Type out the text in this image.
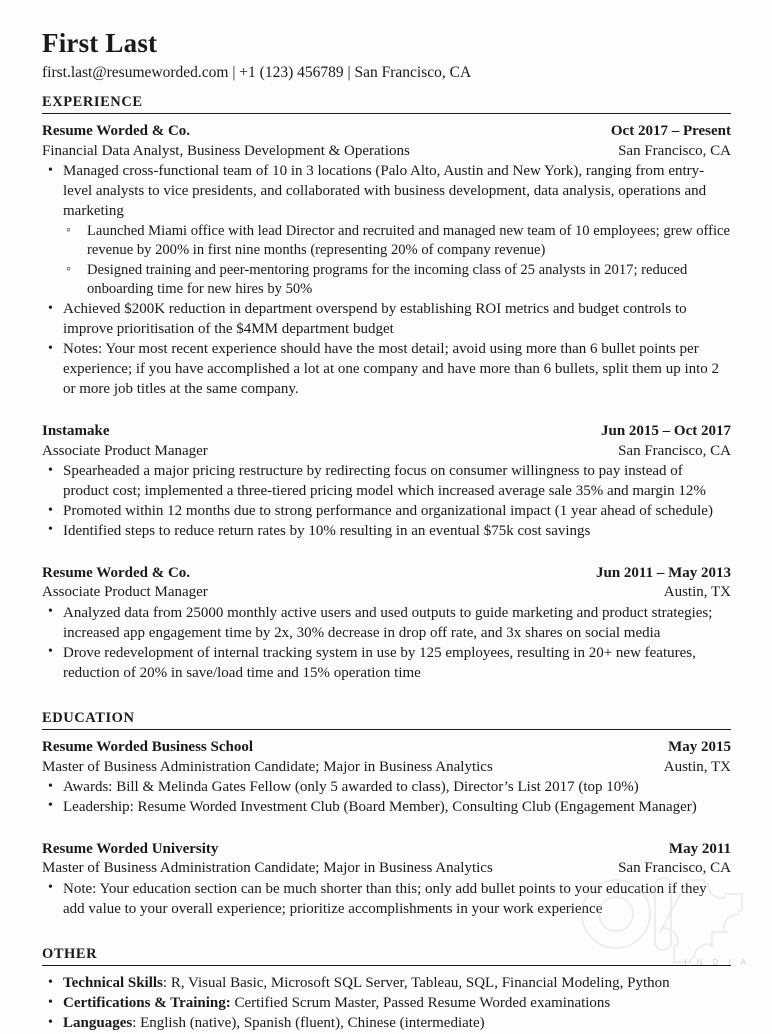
First Last
first.last@resumeworded.com | +1 (123) 456789 | San Francisco, CA
EXPERIENCE
Resume Worded & Co.	Oct 2017 – Present
Financial Data Analyst, Business Development & Operations	San Francisco, CA
• Managed cross-functional team of 10 in 3 locations (Palo Alto, Austin and New York), ranging from entry-level analysts to vice presidents, and collaborated with business development, data analysis, operations and marketing
◦ Launched Miami office with lead Director and recruited and managed new team of 10 employees; grew office revenue by 200% in first nine months (representing 20% of company revenue)
◦ Designed training and peer-mentoring programs for the incoming class of 25 analysts in 2017; reduced onboarding time for new hires by 50%
• Achieved $200K reduction in department overspend by establishing ROI metrics and budget controls to improve prioritisation of the $4MM department budget
• Notes: Your most recent experience should have the most detail; avoid using more than 6 bullet points per experience; if you have accomplished a lot at one company and have more than 6 bullets, split them up into 2 or more job titles at the same company.
Instamake	Jun 2015 – Oct 2017
Associate Product Manager	San Francisco, CA
• Spearheaded a major pricing restructure by redirecting focus on consumer willingness to pay instead of product cost; implemented a three-tiered pricing model which increased average sale 35% and margin 12%
• Promoted within 12 months due to strong performance and organizational impact (1 year ahead of schedule)
• Identified steps to reduce return rates by 10% resulting in an eventual $75k cost savings
Resume Worded & Co.	Jun 2011 – May 2013
Associate Product Manager	Austin, TX
• Analyzed data from 25000 monthly active users and used outputs to guide marketing and product strategies; increased app engagement time by 2x, 30% decrease in drop off rate, and 3x shares on social media
• Drove redevelopment of internal tracking system in use by 125 employees, resulting in 20+ new features, reduction of 20% in save/load time and 15% operation time
EDUCATION
Resume Worded Business School	May 2015
Master of Business Administration Candidate; Major in Business Analytics	Austin, TX
• Awards: Bill & Melinda Gates Fellow (only 5 awarded to class), Director’s List 2017 (top 10%)
• Leadership: Resume Worded Investment Club (Board Member), Consulting Club (Engagement Manager)
Resume Worded University	May 2011
Master of Business Administration Candidate; Major in Business Analytics	San Francisco, CA
• Note: Your education section can be much shorter than this; only add bullet points to your education if they add value to your overall experience; prioritize accomplishments in your work experience
OTHER
• Technical Skills: R, Visual Basic, Microsoft SQL Server, Tableau, SQL, Financial Modeling, Python
• Certifications & Training: Certified Scrum Master, Passed Resume Worded examinations
• Languages: English (native), Spanish (fluent), Chinese (intermediate)
I N D I A
